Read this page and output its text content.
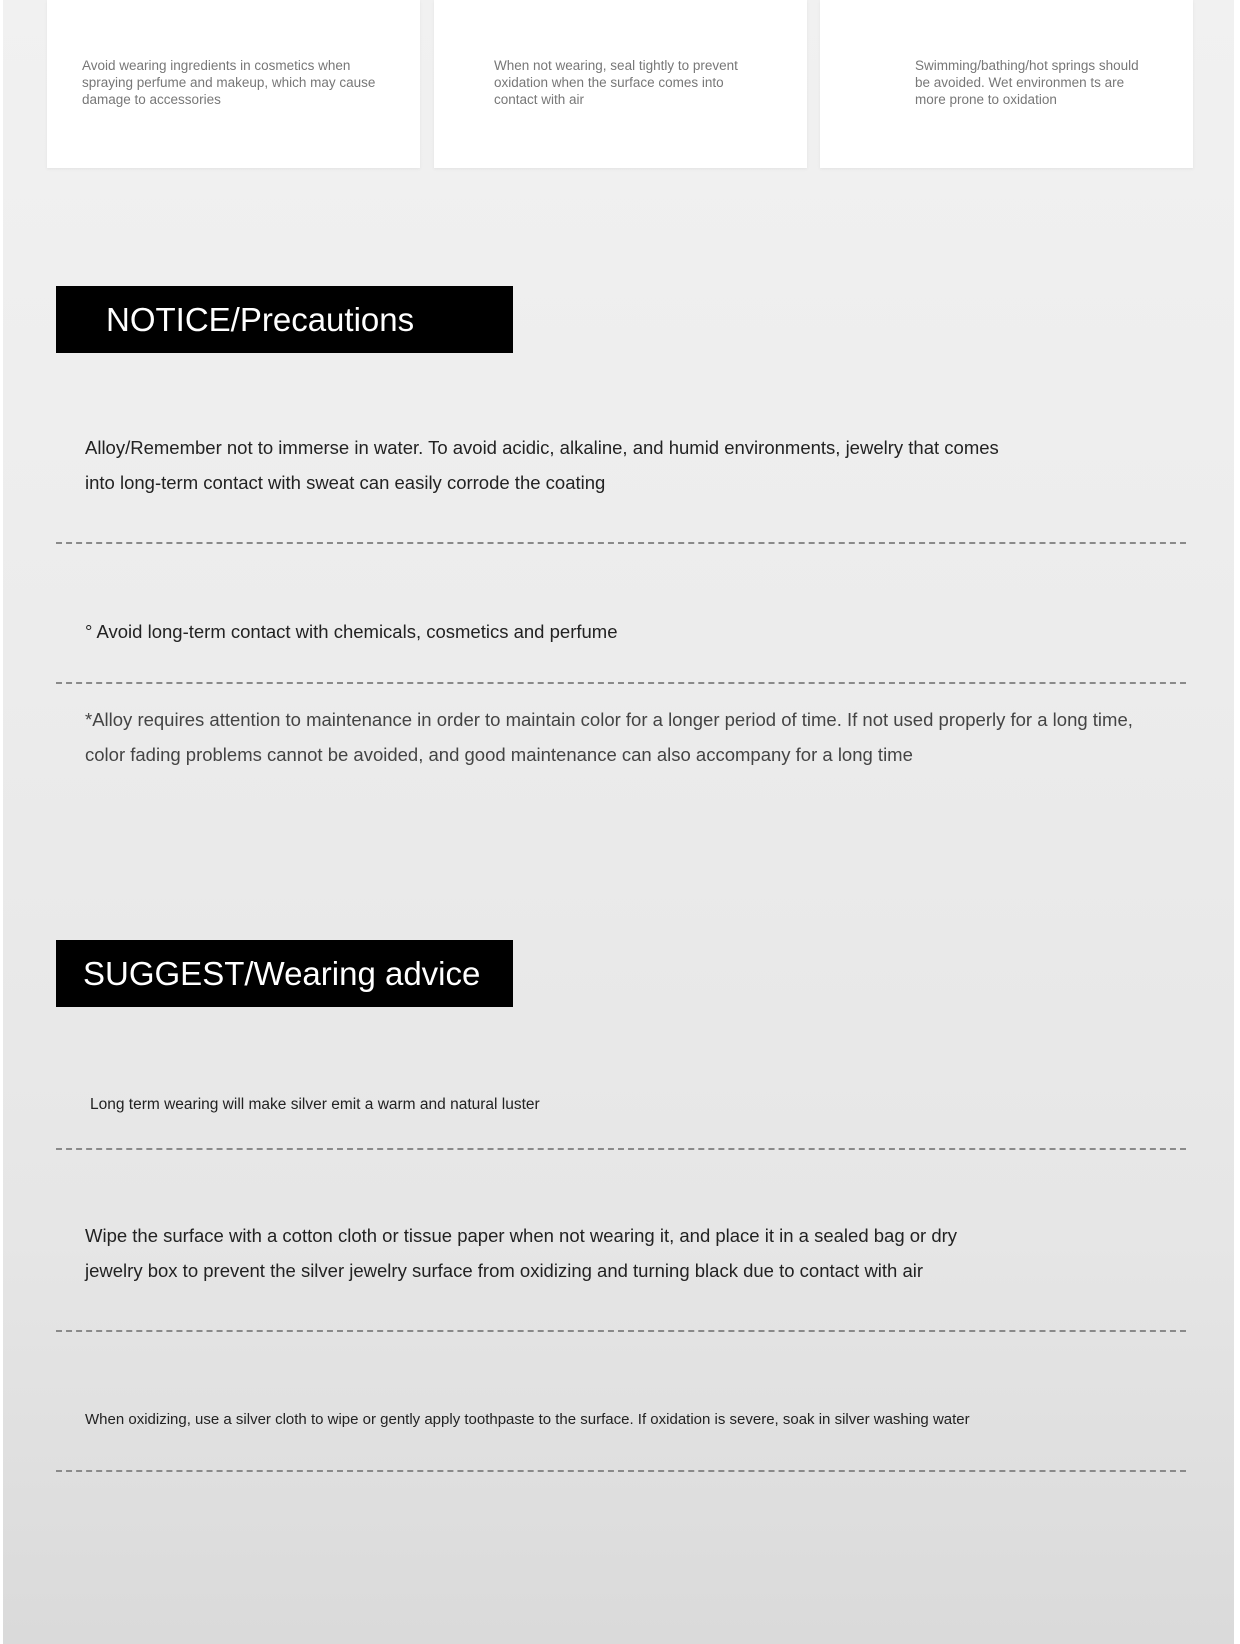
Avoid wearing ingredients in cosmetics when spraying perfume and makeup, which may cause damage to accessories
When not wearing, seal tightly to prevent oxidation when the surface comes into contact with air
Swimming/bathing/hot springs should be avoided. Wet environmen ts are more prone to oxidation
NOTICE/Precautions
Alloy/Remember not to immerse in water. To avoid acidic, alkaline, and humid environments, jewelry that comes into long-term contact with sweat can easily corrode the coating
° Avoid long-term contact with chemicals, cosmetics and perfume
*Alloy requires attention to maintenance in order to maintain color for a longer period of time. If not used properly for a long time, color fading problems cannot be avoided, and good maintenance can also accompany for a long time
SUGGEST/Wearing advice
Long term wearing will make silver emit a warm and natural luster
Wipe the surface with a cotton cloth or tissue paper when not wearing it, and place it in a sealed bag or dry jewelry box to prevent the silver jewelry surface from oxidizing and turning black due to contact with air
When oxidizing, use a silver cloth to wipe or gently apply toothpaste to the surface. If oxidation is severe, soak in silver washing water
